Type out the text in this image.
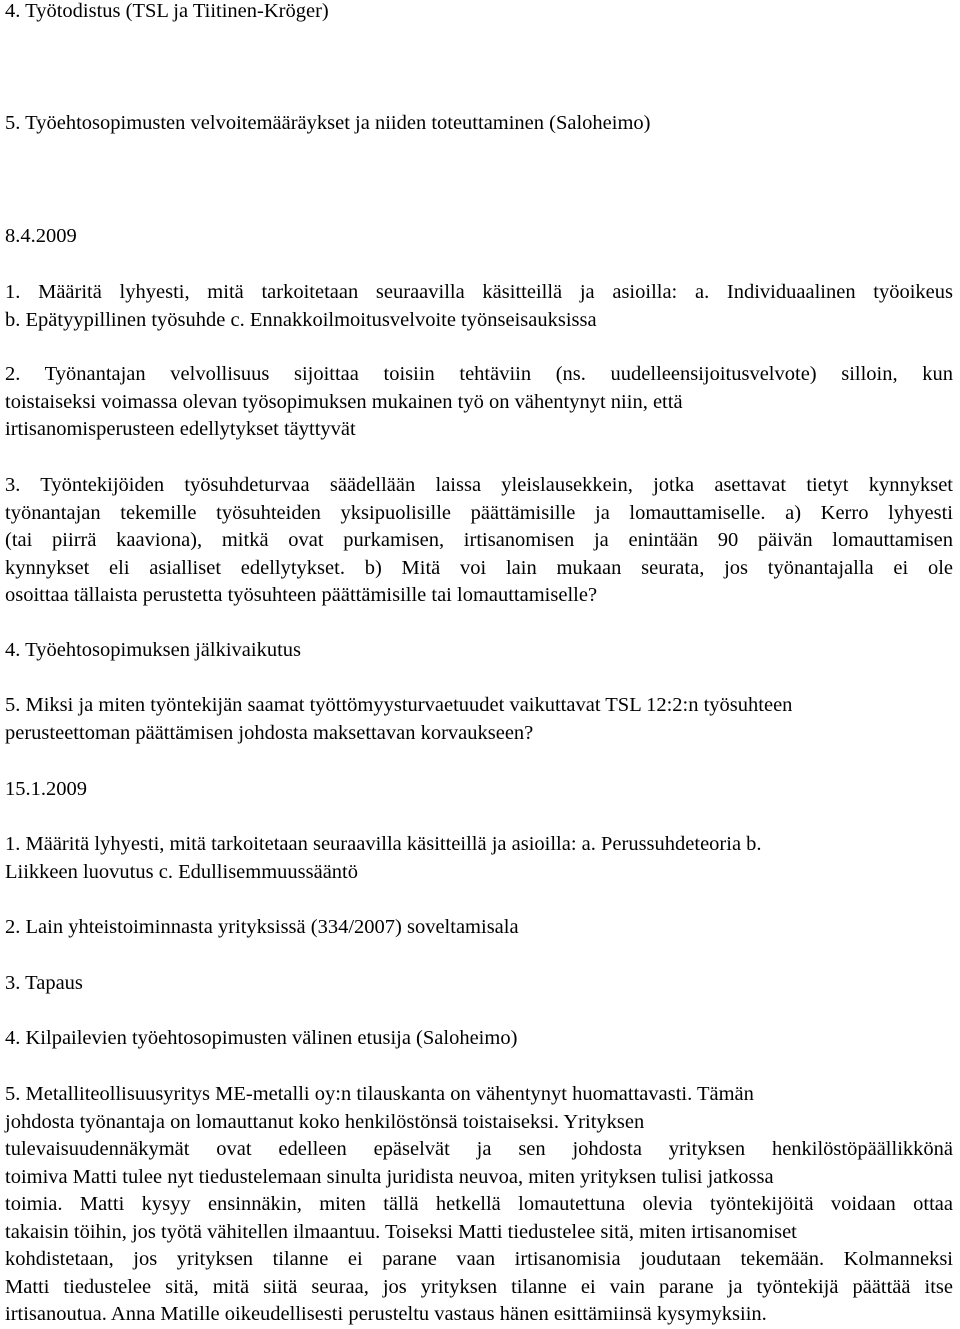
4. Työtodistus (TSL ja Tiitinen-Kröger)
5. Työehtosopimusten velvoitemääräykset ja niiden toteuttaminen (Saloheimo)
8.4.2009
1. Määritä lyhyesti, mitä tarkoitetaan seuraavilla käsitteillä ja asioilla: a. Individuaalinen työoikeus
b. Epätyypillinen työsuhde c. Ennakkoilmoitusvelvoite työnseisauksissa
2. Työnantajan velvollisuus sijoittaa toisiin tehtäviin (ns. uudelleensijoitusvelvote) silloin, kun
toistaiseksi voimassa olevan työsopimuksen mukainen työ on vähentynyt niin, että
irtisanomisperusteen edellytykset täyttyvät
3. Työntekijöiden työsuhdeturvaa säädellään laissa yleislausekkein, jotka asettavat tietyt kynnykset
työnantajan tekemille työsuhteiden yksipuolisille päättämisille ja lomauttamiselle. a) Kerro lyhyesti
(tai piirrä kaaviona), mitkä ovat purkamisen, irtisanomisen ja enintään 90 päivän lomauttamisen
kynnykset eli asialliset edellytykset. b) Mitä voi lain mukaan seurata, jos työnantajalla ei ole
osoittaa tällaista perustetta työsuhteen päättämisille tai lomauttamiselle?
4. Työehtosopimuksen jälkivaikutus
5. Miksi ja miten työntekijän saamat työttömyysturvaetuudet vaikuttavat TSL 12:2:n työsuhteen
perusteettoman päättämisen johdosta maksettavan korvaukseen?
15.1.2009
1. Määritä lyhyesti, mitä tarkoitetaan seuraavilla käsitteillä ja asioilla: a. Perussuhdeteoria b.
Liikkeen luovutus c. Edullisemmuussääntö
2. Lain yhteistoiminnasta yrityksissä (334/2007) soveltamisala
3. Tapaus
4. Kilpailevien työehtosopimusten välinen etusija (Saloheimo)
5. Metalliteollisuusyritys ME-metalli oy:n tilauskanta on vähentynyt huomattavasti. Tämän
johdosta työnantaja on lomauttanut koko henkilöstönsä toistaiseksi. Yrityksen
tulevaisuudennäkymät ovat edelleen epäselvät ja sen johdosta yrityksen henkilöstöpäällikkönä
toimiva Matti tulee nyt tiedustelemaan sinulta juridista neuvoa, miten yrityksen tulisi jatkossa
toimia. Matti kysyy ensinnäkin, miten tällä hetkellä lomautettuna olevia työntekijöitä voidaan ottaa
takaisin töihin, jos työtä vähitellen ilmaantuu. Toiseksi Matti tiedustelee sitä, miten irtisanomiset
kohdistetaan, jos yrityksen tilanne ei parane vaan irtisanomisia joudutaan tekemään. Kolmanneksi
Matti tiedustelee sitä, mitä siitä seuraa, jos yrityksen tilanne ei vain parane ja työntekijä päättää itse
irtisanoutua. Anna Matille oikeudellisesti perusteltu vastaus hänen esittämiinsä kysymyksiin.
